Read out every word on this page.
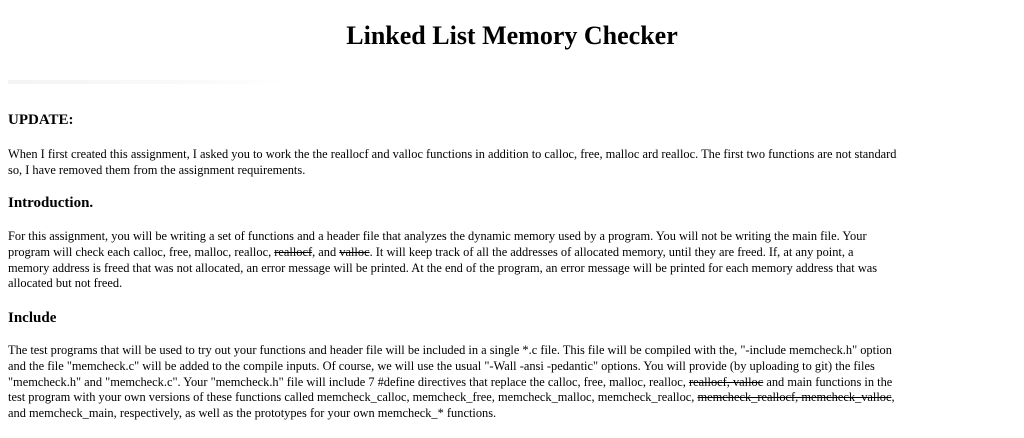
Linked List Memory Checker
UPDATE:

When I first created this assignment, I asked you to work the the reallocf and valloc functions in addition to calloc, free, malloc ard realloc. The first two functions are not standard
so, I have removed them from the assignment requirements.

Introduction.

For this assignment, you will be writing a set of functions and a header file that analyzes the dynamic memory used by a program. You will not be writing the main file. Your
program will check each calloc, free, malloc, realloc, reallocf, and valloc. It will keep track of all the addresses of allocated memory, until they are freed. If, at any point, a
memory address is freed that was not allocated, an error message will be printed. At the end of the program, an error message will be printed for each memory address that was
allocated but not freed.

Include

The test programs that will be used to try out your functions and header file will be included in a single *.c file. This file will be compiled with the, "-include memcheck.h" option
and the file "memcheck.c" will be added to the compile inputs. Of course, we will use the usual "-Wall -ansi -pedantic" options. You will provide (by uploading to git) the files
"memcheck.h" and "memcheck.c". Your "memcheck.h" file will include 7 #define directives that replace the calloc, free, malloc, realloc, reallocf, valloc and main functions in the
test program with your own versions of these functions called memcheck_calloc, memcheck_free, memcheck_malloc, memcheck_realloc, memcheck_reallocf, memcheck_valloc,
and memcheck_main, respectively, as well as the prototypes for your own memcheck_* functions.
